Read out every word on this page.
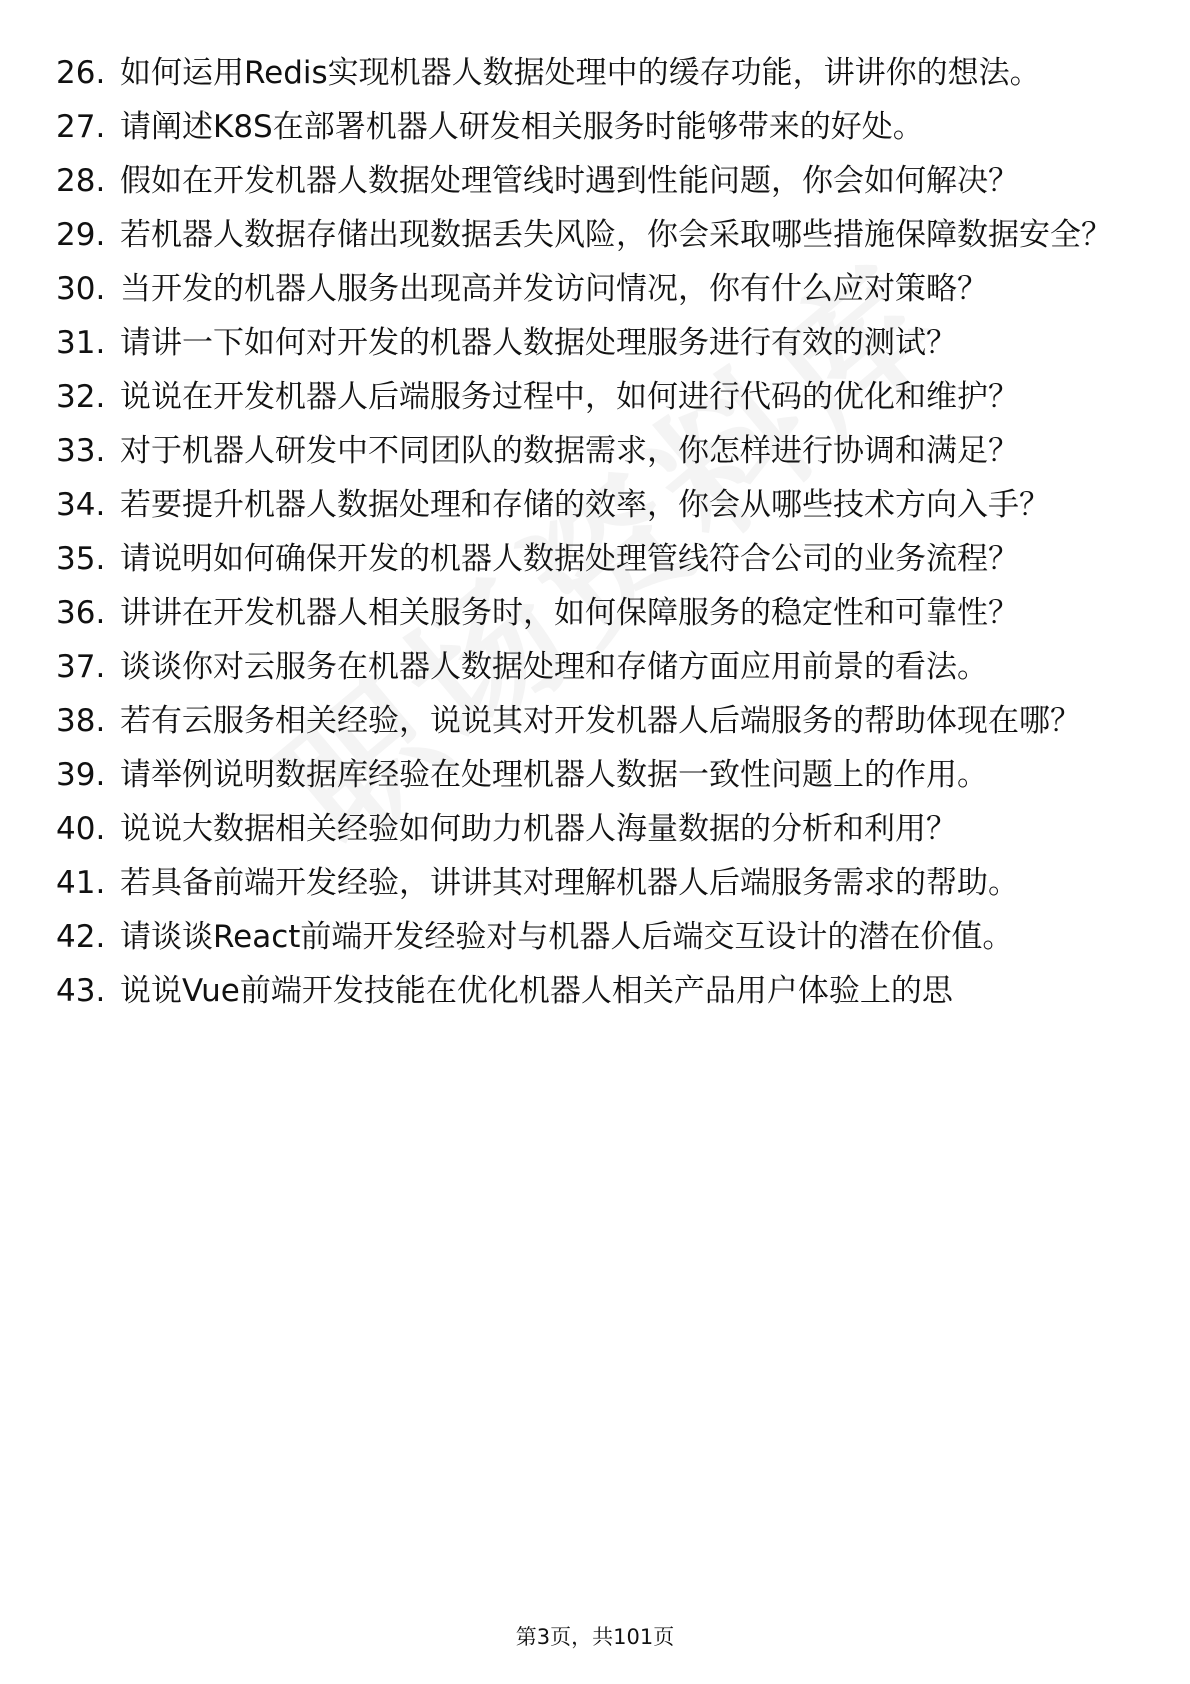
26. 如何运用Redis实现机器人数据处理中的缓存功能，讲讲你的想法。
27. 请阐述K8S在部署机器人研发相关服务时能够带来的好处。
28. 假如在开发机器人数据处理管线时遇到性能问题，你会如何解决？
29. 若机器人数据存储出现数据丢失风险，你会采取哪些措施保障数据安全？
30. 当开发的机器人服务出现高并发访问情况，你有什么应对策略？
31. 请讲一下如何对开发的机器人数据处理服务进行有效的测试？
32. 说说在开发机器人后端服务过程中，如何进行代码的优化和维护？
33. 对于机器人研发中不同团队的数据需求，你怎样进行协调和满足？
34. 若要提升机器人数据处理和存储的效率，你会从哪些技术方向入手？
35. 请说明如何确保开发的机器人数据处理管线符合公司的业务流程？
36. 讲讲在开发机器人相关服务时，如何保障服务的稳定性和可靠性？
37. 谈谈你对云服务在机器人数据处理和存储方面应用前景的看法。
38. 若有云服务相关经验，说说其对开发机器人后端服务的帮助体现在哪？
39. 请举例说明数据库经验在处理机器人数据一致性问题上的作用。
40. 说说大数据相关经验如何助力机器人海量数据的分析和利用？
41. 若具备前端开发经验，讲讲其对理解机器人后端服务需求的帮助。
42. 请谈谈React前端开发经验对与机器人后端交互设计的潜在价值。
43. 说说Vue前端开发技能在优化机器人相关产品用户体验上的思
第3页，共101页
